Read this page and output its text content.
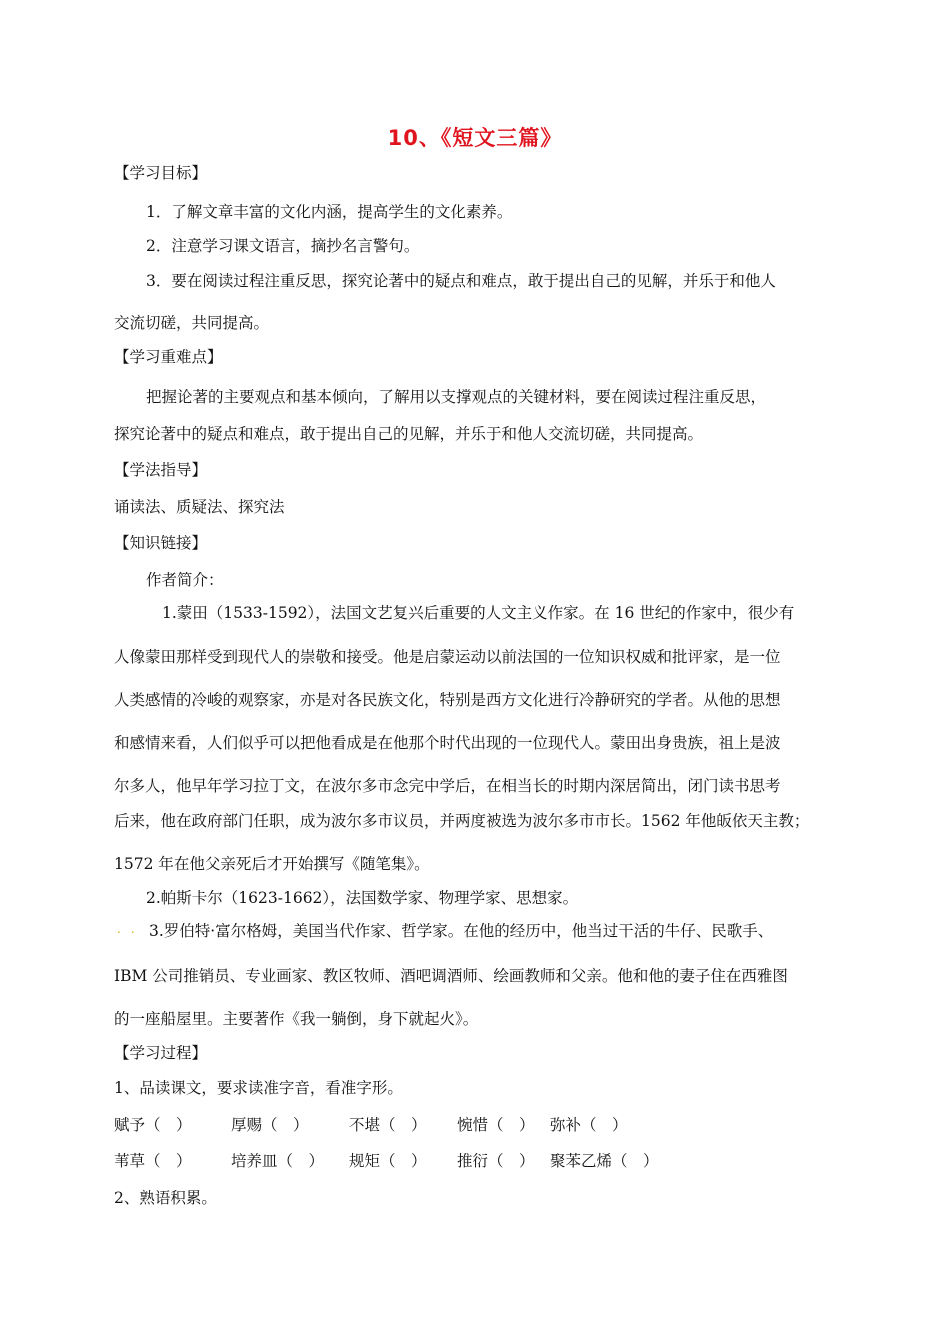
10、《短文三篇》
【学习目标】
1．了解文章丰富的文化内涵，提高学生的文化素养。
2．注意学习课文语言，摘抄名言警句。
3．要在阅读过程注重反思，探究论著中的疑点和难点，敢于提出自己的见解，并乐于和他人
交流切磋，共同提高。
【学习重难点】
把握论著的主要观点和基本倾向，了解用以支撑观点的关键材料，要在阅读过程注重反思，
探究论著中的疑点和难点，敢于提出自己的见解，并乐于和他人交流切磋，共同提高。
【学法指导】
诵读法、质疑法、探究法
【知识链接】
作者简介：
1.蒙田（1533-1592），法国文艺复兴后重要的人文主义作家。在 16 世纪的作家中，很少有
人像蒙田那样受到现代人的崇敬和接受。他是启蒙运动以前法国的一位知识权威和批评家，是一位
人类感情的冷峻的观察家，亦是对各民族文化，特别是西方文化进行冷静研究的学者。从他的思想
和感情来看，人们似乎可以把他看成是在他那个时代出现的一位现代人。蒙田出身贵族，祖上是波
尔多人，他早年学习拉丁文，在波尔多市念完中学后，在相当长的时期内深居简出，闭门读书思考
后来，他在政府部门任职，成为波尔多市议员，并两度被选为波尔多市市长。1562 年他皈依天主教；
1572 年在他父亲死后才开始撰写《随笔集》。
2.帕斯卡尔（1623-1662），法国数学家、物理学家、思想家。
.. 3.罗伯特·富尔格姆，美国当代作家、哲学家。在他的经历中，他当过干活的牛仔、民歌手、
IBM 公司推销员、专业画家、教区牧师、酒吧调酒师、绘画教师和父亲。他和他的妻子住在西雅图
的一座船屋里。主要著作《我一躺倒，身下就起火》。
【学习过程】
1、品读课文，要求读准字音，看准字形。
赋予（　）	厚赐（　）	不堪（　） 惋惜（　） 弥补（　）
苇草（　）	培养皿（　） 规矩（　） 推衍（　） 聚苯乙烯（　）
2、熟语积累。
